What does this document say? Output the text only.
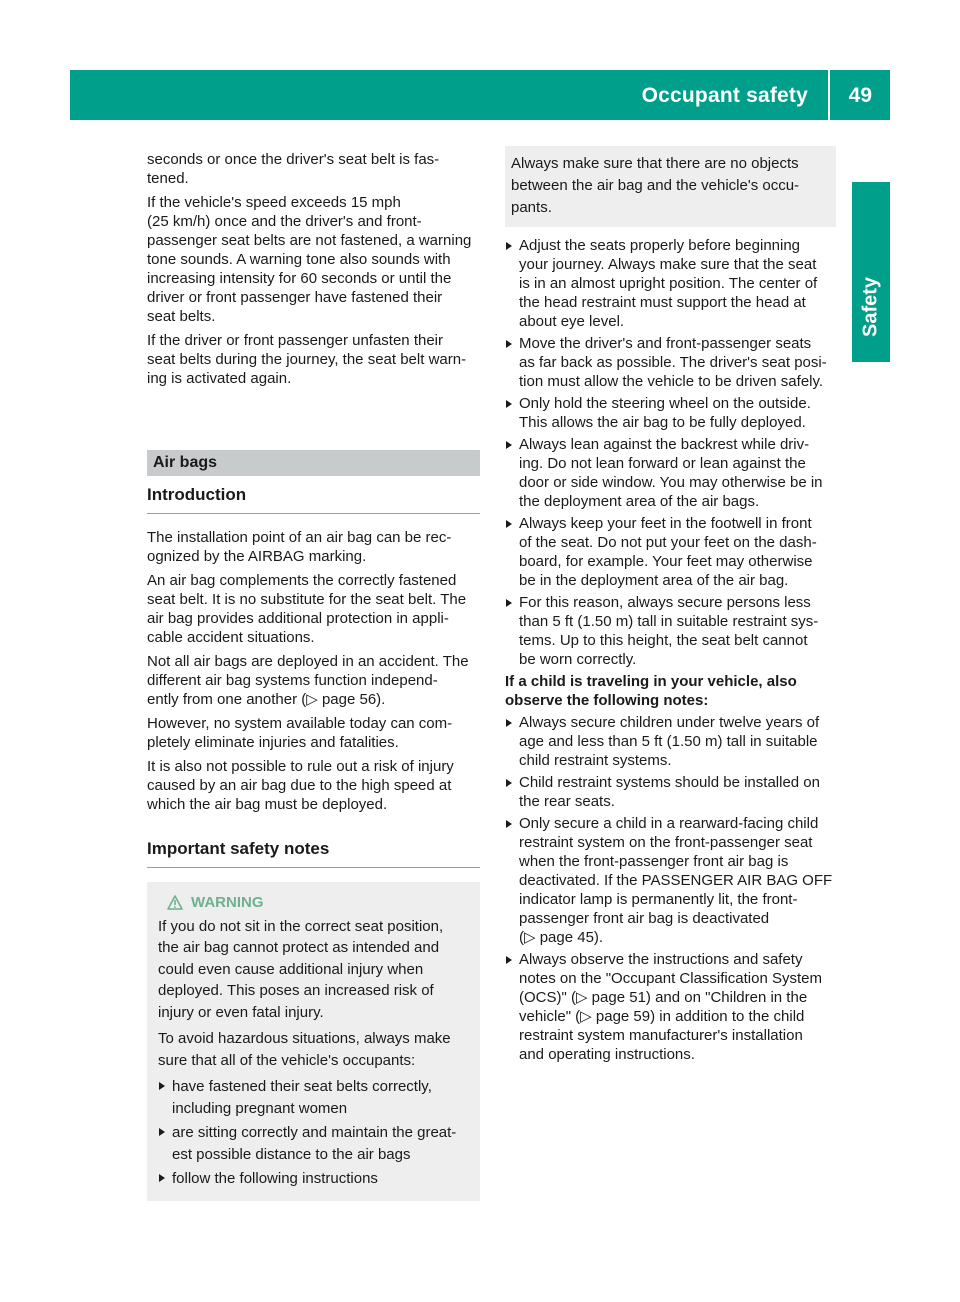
Occupant safety	49
Safety

seconds or once the driver's seat belt is fas-
tened.

If the vehicle's speed exceeds 15 mph
(25 km/h) once and the driver's and front-
passenger seat belts are not fastened, a warning
tone sounds. A warning tone also sounds with
increasing intensity for 60 seconds or until the
driver or front passenger have fastened their
seat belts.

If the driver or front passenger unfasten their
seat belts during the journey, the seat belt warn-
ing is activated again.

Air bags
Introduction

The installation point of an air bag can be rec-
ognized by the AIRBAG marking.

An air bag complements the correctly fastened
seat belt. It is no substitute for the seat belt. The
air bag provides additional protection in appli-
cable accident situations.

Not all air bags are deployed in an accident. The
different air bag systems function independ-
ently from one another (▷ page 56).

However, no system available today can com-
pletely eliminate injuries and fatalities.

It is also not possible to rule out a risk of injury
caused by an air bag due to the high speed at
which the air bag must be deployed.

Important safety notes
WARNING

If you do not sit in the correct seat position,
the air bag cannot protect as intended and
could even cause additional injury when
deployed. This poses an increased risk of
injury or even fatal injury.

To avoid hazardous situations, always make
sure that all of the vehicle's occupants:

have fastened their seat belts correctly,
including pregnant women
are sitting correctly and maintain the great-
est possible distance to the air bags
follow the following instructions
Always make sure that there are no objects
between the air bag and the vehicle's occu-
pants.
Adjust the seats properly before beginning
your journey. Always make sure that the seat
is in an almost upright position. The center of
the head restraint must support the head at
about eye level.
Move the driver's and front-passenger seats
as far back as possible. The driver's seat posi-
tion must allow the vehicle to be driven safely.
Only hold the steering wheel on the outside.
This allows the air bag to be fully deployed.
Always lean against the backrest while driv-
ing. Do not lean forward or lean against the
door or side window. You may otherwise be in
the deployment area of the air bags.
Always keep your feet in the footwell in front
of the seat. Do not put your feet on the dash-
board, for example. Your feet may otherwise
be in the deployment area of the air bag.
For this reason, always secure persons less
than 5 ft (1.50 m) tall in suitable restraint sys-
tems. Up to this height, the seat belt cannot
be worn correctly.
If a child is traveling in your vehicle, also
observe the following notes:
Always secure children under twelve years of
age and less than 5 ft (1.50 m) tall in suitable
child restraint systems.
Child restraint systems should be installed on
the rear seats.
Only secure a child in a rearward-facing child
restraint system on the front-passenger seat
when the front-passenger front air bag is
deactivated. If the PASSENGER AIR BAG OFF
indicator lamp is permanently lit, the front-
passenger front air bag is deactivated
(▷ page 45).
Always observe the instructions and safety
notes on the "Occupant Classification System
(OCS)" (▷ page 51) and on "Children in the
vehicle" (▷ page 59) in addition to the child
restraint system manufacturer's installation
and operating instructions.
